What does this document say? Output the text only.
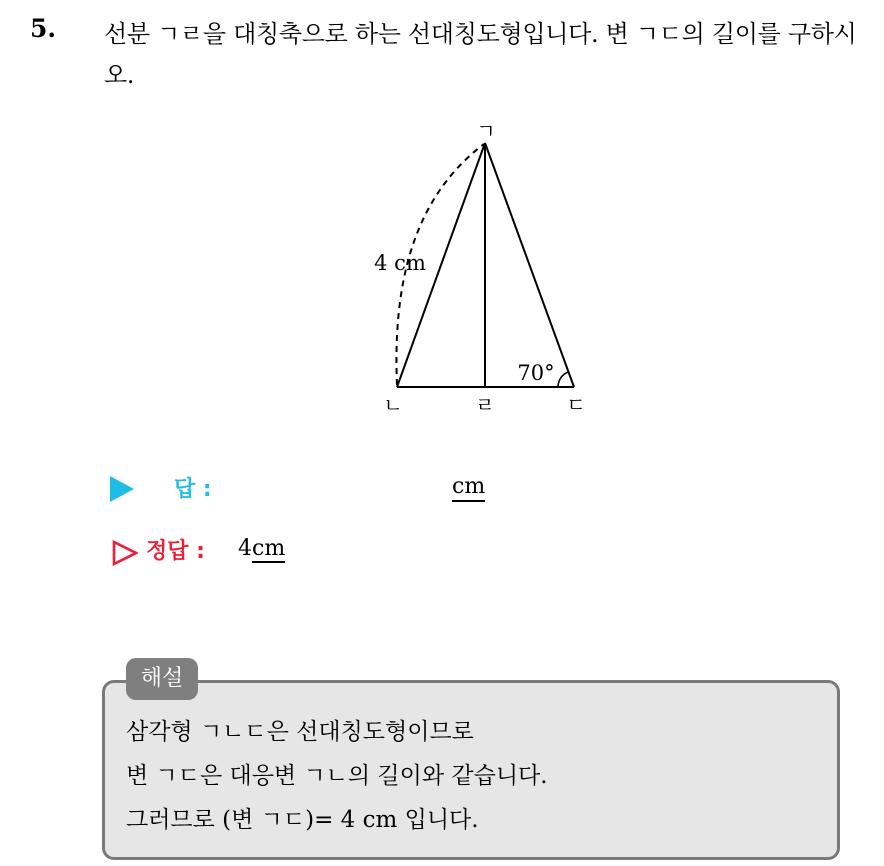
5. 선분 ㄱㄹ을 대칭축으로 하는 선대칭도형입니다. 변 ㄱㄷ의 길이를 구하시오.
ㄱ
ㄴ	ㄹ	ㄷ
4 cm
70°
답 :	cm
정답 : 4cm
해설
삼각형 ㄱㄴㄷ은 선대칭도형이므로
변 ㄱㄷ은 대응변 ㄱㄴ의 길이와 같습니다.
그러므로 (변 ㄱㄷ)= 4 cm 입니다.
